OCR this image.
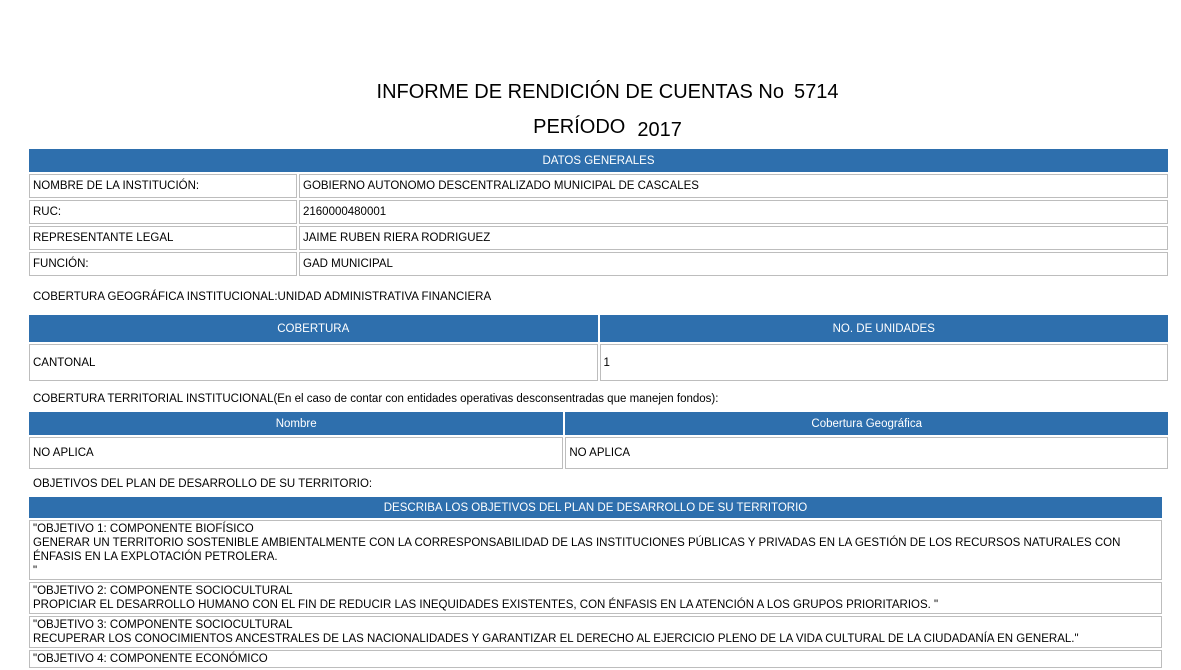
INFORME DE RENDICIÓN DE CUENTAS No 5714
PERÍODO 2017
DATOS GENERALES	
NOMBRE DE LA INSTITUCIÓN:	GOBIERNO AUTONOMO DESCENTRALIZADO MUNICIPAL DE CASCALES
RUC:	2160000480001
REPRESENTANTE LEGAL	JAIME RUBEN RIERA RODRIGUEZ
FUNCIÓN:	GAD MUNICIPAL
COBERTURA GEOGRÁFICA INSTITUCIONAL:UNIDAD ADMINISTRATIVA FINANCIERA
COBERTURA	NO. DE UNIDADES
CANTONAL	1
COBERTURA TERRITORIAL INSTITUCIONAL(En el caso de contar con entidades operativas desconsentradas que manejen fondos):
Nombre	Cobertura Geográfica
NO APLICA	NO APLICA
OBJETIVOS DEL PLAN DE DESARROLLO DE SU TERRITORIO:
DESCRIBA LOS OBJETIVOS DEL PLAN DE DESARROLLO DE SU TERRITORIO
"OBJETIVO 1: COMPONENTE BIOFÍSICO
GENERAR UN TERRITORIO SOSTENIBLE AMBIENTALMENTE CON LA CORRESPONSABILIDAD DE LAS INSTITUCIONES PÚBLICAS Y PRIVADAS EN LA GESTIÓN DE LOS RECURSOS NATURALES CON ÉNFASIS EN LA EXPLOTACIÓN PETROLERA.
"
"OBJETIVO 2: COMPONENTE SOCIOCULTURAL
PROPICIAR EL DESARROLLO HUMANO CON EL FIN DE REDUCIR LAS INEQUIDADES EXISTENTES, CON ÉNFASIS EN LA ATENCIÓN A LOS GRUPOS PRIORITARIOS. "
"OBJETIVO 3: COMPONENTE SOCIOCULTURAL
RECUPERAR LOS CONOCIMIENTOS ANCESTRALES DE LAS NACIONALIDADES Y GARANTIZAR EL DERECHO AL EJERCICIO PLENO DE LA VIDA CULTURAL DE LA CIUDADANÍA EN GENERAL."
"OBJETIVO 4: COMPONENTE ECONÓMICO
